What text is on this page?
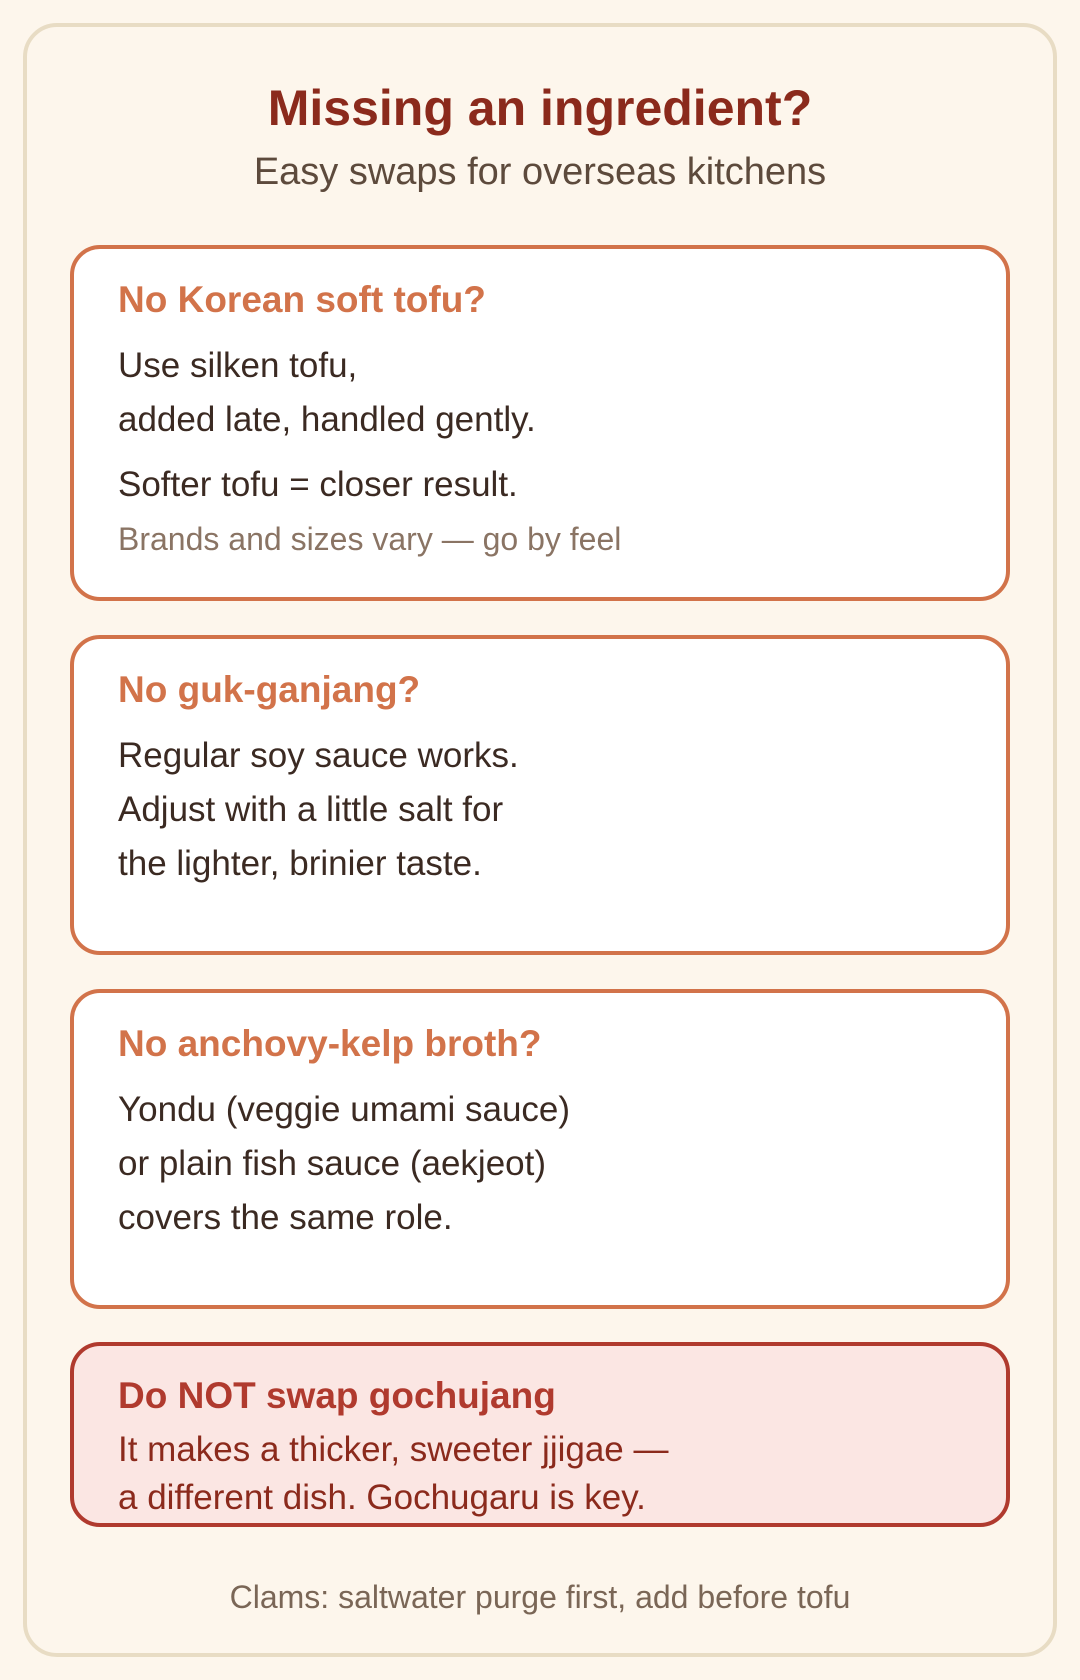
Missing an ingredient?
Easy swaps for overseas kitchens
No Korean soft tofu?
Use silken tofu,
added late, handled gently.
Softer tofu = closer result.
Brands and sizes vary — go by feel
No guk-ganjang?
Regular soy sauce works.
Adjust with a little salt for
the lighter, brinier taste.
No anchovy-kelp broth?
Yondu (veggie umami sauce)
or plain fish sauce (aekjeot)
covers the same role.
Do NOT swap gochujang
It makes a thicker, sweeter jjigae —
a different dish. Gochugaru is key.
Clams: saltwater purge first, add before tofu
